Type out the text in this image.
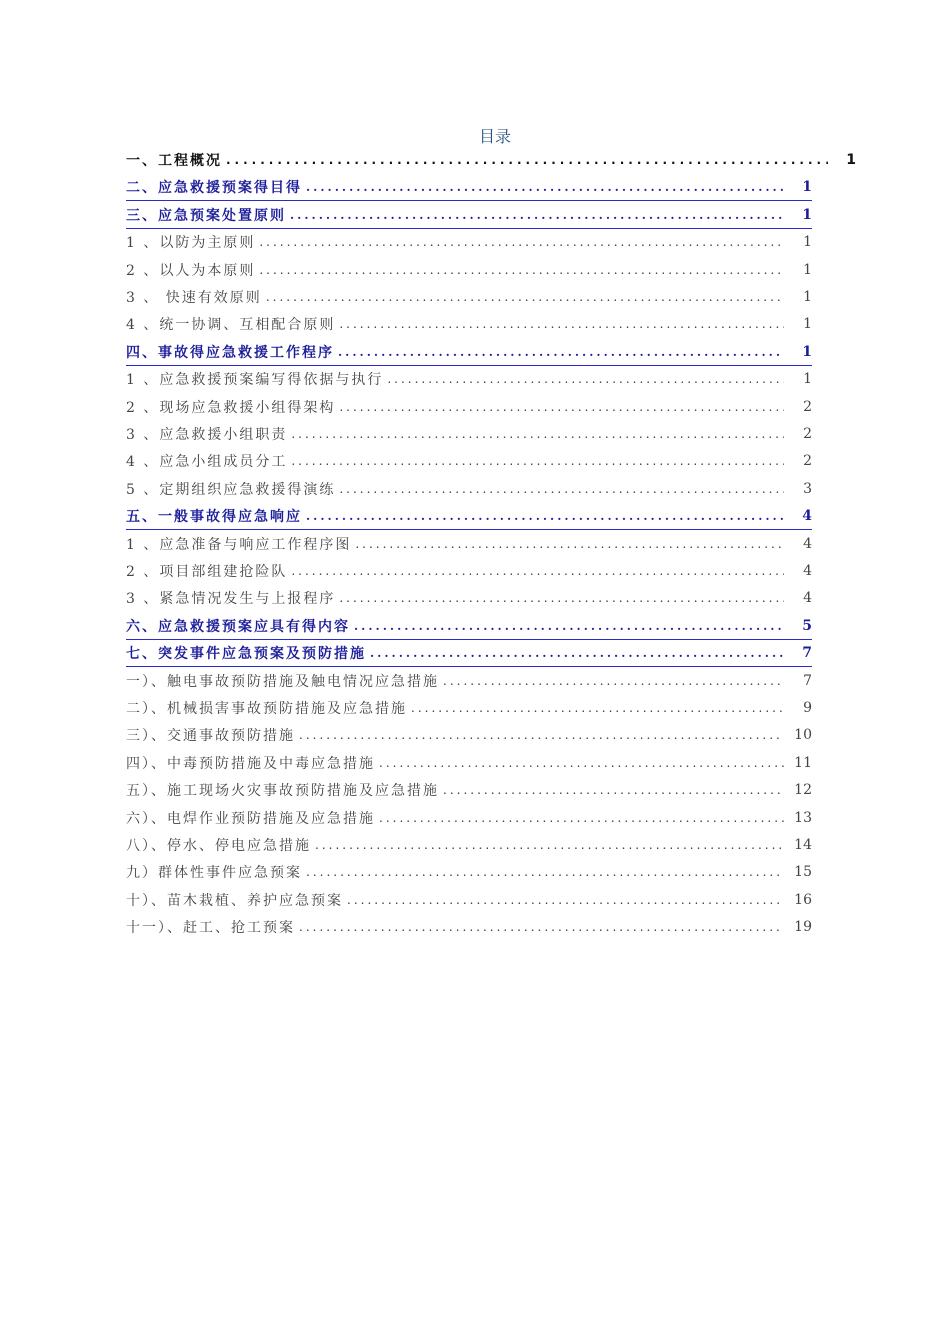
目录
一、工程概况 .....	1
二、应急救援预案得目得 .....	1
三、应急预案处置原则 .....	1
1 、以防为主原则 .....	1
2 、以人为本原则 .....	1
3 、 快速有效原则 .....	1
4 、统一协调、互相配合原则 .....	1
四、事故得应急救援工作程序 .....	1
1 、应急救援预案编写得依据与执行 .....	1
2 、现场应急救援小组得架构 .....	2
3 、应急救援小组职责 .....	2
4 、应急小组成员分工 .....	2
5 、定期组织应急救援得演练 .....	3
五、一般事故得应急响应 .....	4
1 、应急准备与响应工作程序图 .....	4
2 、项目部组建抢险队 .....	4
3 、紧急情况发生与上报程序 .....	4
六、应急救援预案应具有得内容 .....	5
七、突发事件应急预案及预防措施 .....	7
一）、触电事故预防措施及触电情况应急措施 .....	7
二）、机械损害事故预防措施及应急措施 .....	9
三）、交通事故预防措施 .....	10
四）、中毒预防措施及中毒应急措施 .....	11
五）、施工现场火灾事故预防措施及应急措施 .....	12
六）、电焊作业预防措施及应急措施 .....	13
八）、停水、停电应急措施 .....	14
九）群体性事件应急预案 .....	15
十）、苗木栽植、养护应急预案 .....	16
十一）、赶工、抢工预案 .....	19
